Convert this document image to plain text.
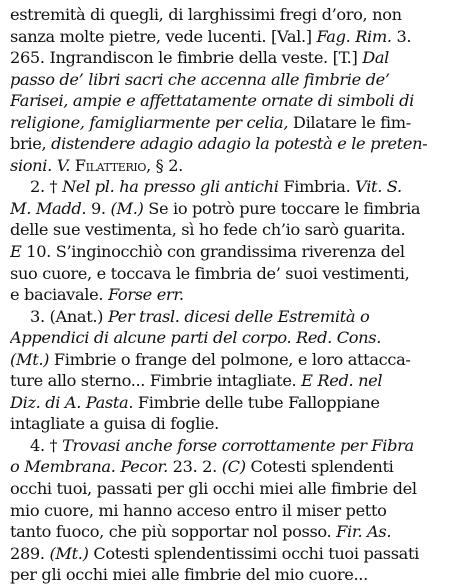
estremità di quegli, di larghissimi fregi d’oro, non
sanza molte pietre, vede lucenti. [Val.] Fag. Rim. 3.
265. Ingrandiscon le fimbrie della veste. [T.] Dal
passo de’ libri sacri che accenna alle fimbrie de’
Farisei, ampie e affettatamente ornate di simboli di
religione, famigliarmente per celia, Dilatare le fim-
brie, distendere adagio adagio la potestà e le preten-
sioni. V. Filatterio, § 2.
2. † Nel pl. ha presso gli antichi Fimbria. Vit. S.
M. Madd. 9. (M.) Se io potrò pure toccare le fimbria
delle sue vestimenta, sì ho fede ch’io sarò guarita.
E 10. S’inginocchiò con grandissima riverenza del
suo cuore, e toccava le fimbria de’ suoi vestimenti,
e baciavale. Forse err.
3. (Anat.) Per trasl. dicesi delle Estremità o
Appendici di alcune parti del corpo. Red. Cons.
(Mt.) Fimbrie o frange del polmone, e loro attacca-
ture allo sterno... Fimbrie intagliate. E Red. nel
Diz. di A. Pasta. Fimbrie delle tube Falloppiane
intagliate a guisa di foglie.
4. † Trovasi anche forse corrottamente per Fibra
o Membrana. Pecor. 23. 2. (C) Cotesti splendenti
occhi tuoi, passati per gli occhi miei alle fimbrie del
mio cuore, mi hanno acceso entro il miser petto
tanto fuoco, che più sopportar nol posso. Fir. As.
289. (Mt.) Cotesti splendentissimi occhi tuoi passati
per gli occhi miei alle fimbrie del mio cuore...
